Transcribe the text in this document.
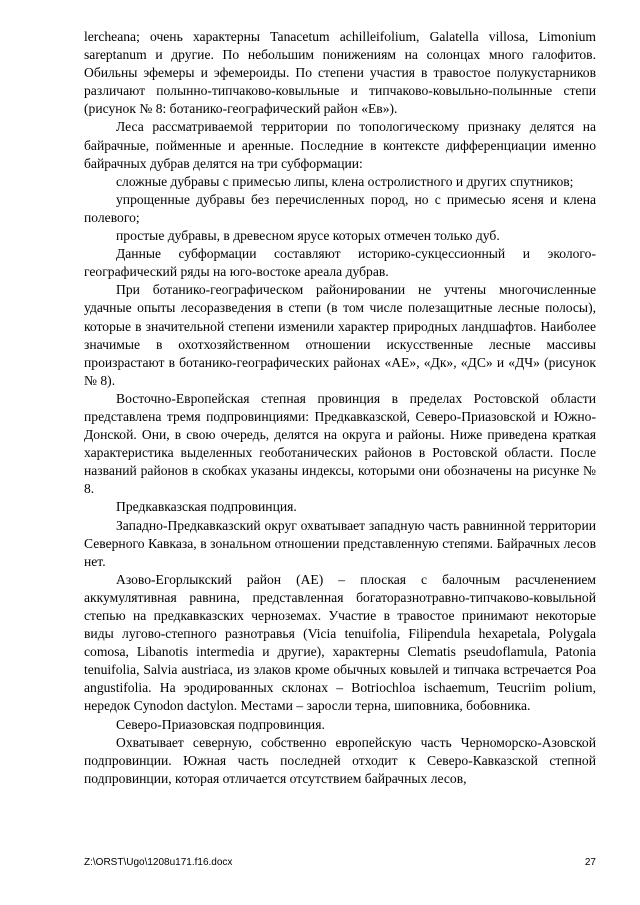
lercheana; очень характерны Tanacetum achilleifolium, Galatella villosa, Limonium sareptanum и другие. По небольшим понижениям на солонцах много галофитов. Обильны эфемеры и эфемероиды. По степени участия в травостое полукустарников различают полынно-типчаково-ковыльные и типчаково-ковыльно-полынные степи (рисунок № 8: ботанико-географический район «Ев»).

Леса рассматриваемой территории по топологическому признаку делятся на байрачные, пойменные и аренные. Последние в контексте дифференциации именно байрачных дубрав делятся на три субформации:

сложные дубравы с примесью липы, клена остролистного и других спутников;

упрощенные дубравы без перечисленных пород, но с примесью ясеня и клена полевого;

простые дубравы, в древесном ярусе которых отмечен только дуб.

Данные субформации составляют историко-сукцессионный и эколого-географический ряды на юго-востоке ареала дубрав.

При ботанико-географическом районировании не учтены многочисленные удачные опыты лесоразведения в степи (в том числе полезащитные лесные полосы), которые в значительной степени изменили характер природных ландшафтов. Наиболее значимые в охотхозяйственном отношении искусственные лесные массивы произрастают в ботанико-географических районах «АЕ», «Дк», «ДС» и «ДЧ» (рисунок № 8).

Восточно-Европейская степная провинция в пределах Ростовской области представлена тремя подпровинциями: Предкавказской, Северо-Приазовской и Южно-Донской. Они, в свою очередь, делятся на округа и районы. Ниже приведена краткая характеристика выделенных геоботанических районов в Ростовской области. После названий районов в скобках указаны индексы, которыми они обозначены на рисунке № 8.

Предкавказская подпровинция.

Западно-Предкавказский округ охватывает западную часть равнинной территории Северного Кавказа, в зональном отношении представленную степями. Байрачных лесов нет.

Азово-Егорлыкский район (АЕ) – плоская с балочным расчленением аккумулятивная равнина, представленная богаторазнотравно-типчаково-ковыльной степью на предкавказских черноземах. Участие в травостое принимают некоторые виды лугово-степного разнотравья (Vicia tenuifolia, Filipendula hexapetala, Polygala comosa, Libanotis intermedia и другие), характерны Clematis pseudoflamula, Patonia tenuifolia, Salvia austriaca, из злаков кроме обычных ковылей и типчака встречается Poa angustifolia. На эродированных склонах – Botriochloa ischaemum, Teucriim polium, нередок Cynodon dactylon. Местами – заросли терна, шиповника, бобовника.

Северо-Приазовская подпровинция.

Охватывает северную, собственно европейскую часть Черноморско-Азовской подпровинции. Южная часть последней отходит к Северо-Кавказской степной подпровинции, которая отличается отсутствием байрачных лесов,

Z:\ORST\Ugo\1208u171.f16.docx	27
